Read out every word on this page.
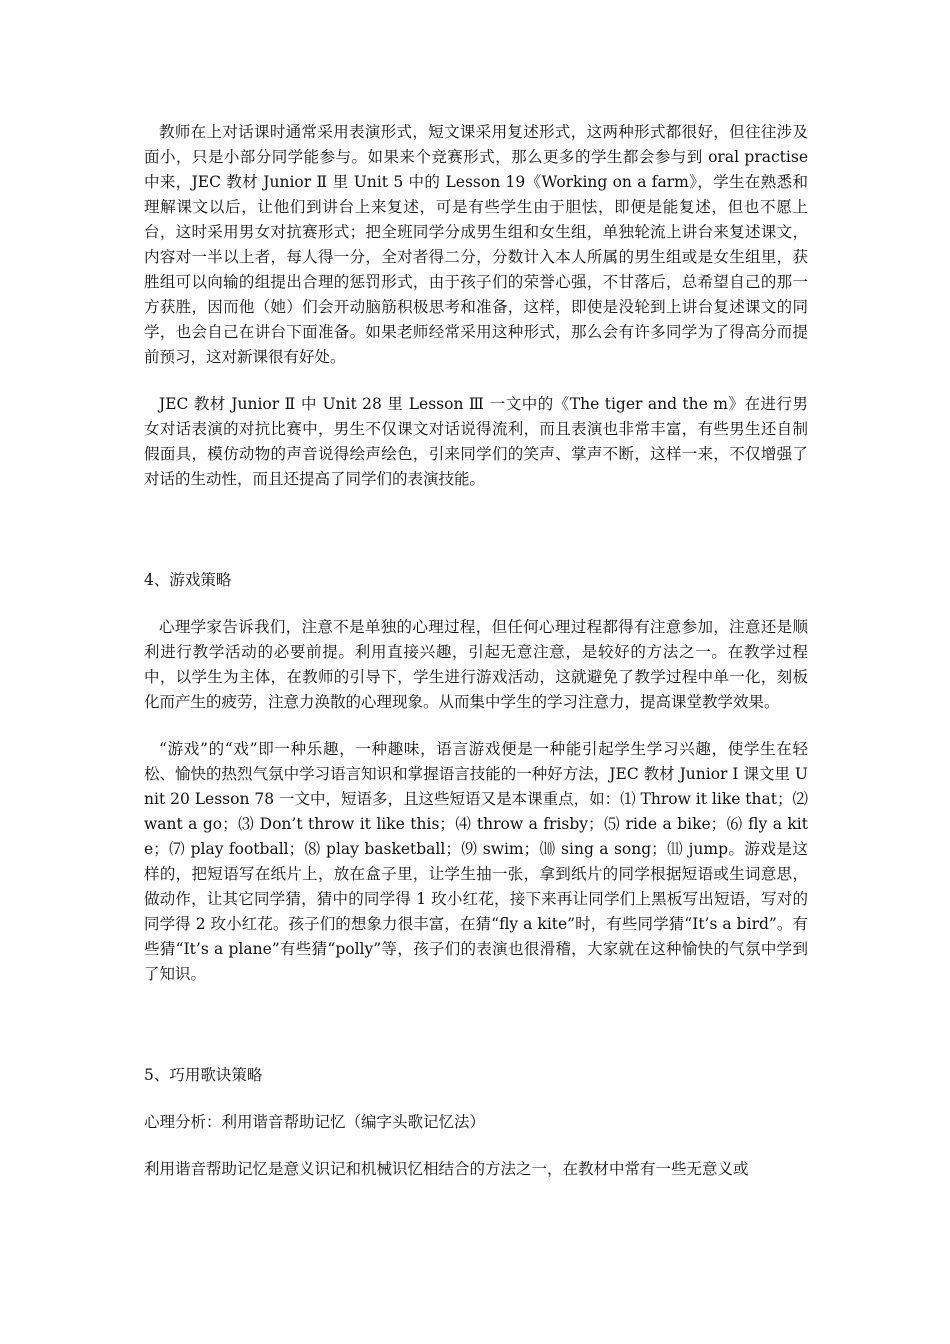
教师在上对话课时通常采用表演形式，短文课采用复述形式，这两种形式都很好，但往往涉及面小，只是小部分同学能参与。如果来个竞赛形式，那么更多的学生都会参与到 oral practise 中来，JEC 教材 Junior Ⅱ 里 Unit 5 中的 Lesson 19《Working on a farm》，学生在熟悉和理解课文以后，让他们到讲台上来复述，可是有些学生由于胆怯，即便是能复述，但也不愿上台，这时采用男女对抗赛形式；把全班同学分成男生组和女生组，单独轮流上讲台来复述课文，内容对一半以上者，每人得一分，全对者得二分，分数计入本人所属的男生组或是女生组里，获胜组可以向输的组提出合理的惩罚形式，由于孩子们的荣誉心强，不甘落后，总希望自己的那一方获胜，因而他（她）们会开动脑筋积极思考和准备，这样，即使是没轮到上讲台复述课文的同学，也会自己在讲台下面准备。如果老师经常采用这种形式，那么会有许多同学为了得高分而提前预习，这对新课很有好处。

JEC 教材 Junior Ⅱ 中 Unit 28 里 Lesson Ⅲ 一文中的《The tiger and the m》在进行男女对话表演的对抗比赛中，男生不仅课文对话说得流利，而且表演也非常丰富，有些男生还自制假面具，模仿动物的声音说得绘声绘色，引来同学们的笑声、掌声不断，这样一来，不仅增强了对话的生动性，而且还提高了同学们的表演技能。

4、游戏策略

心理学家告诉我们，注意不是单独的心理过程，但任何心理过程都得有注意参加，注意还是顺利进行教学活动的必要前提。利用直接兴趣，引起无意注意，是较好的方法之一。在教学过程中，以学生为主体，在教师的引导下，学生进行游戏活动，这就避免了教学过程中单一化，刻板化而产生的疲劳，注意力涣散的心理现象。从而集中学生的学习注意力，提高课堂教学效果。

“游戏”的“戏”即一种乐趣，一种趣味，语言游戏便是一种能引起学生学习兴趣，使学生在轻松、愉快的热烈气氛中学习语言知识和掌握语言技能的一种好方法，JEC 教材 Junior Ⅰ 课文里 Unit 20 Lesson 78 一文中，短语多，且这些短语又是本课重点，如：⑴ Throw it like that；⑵ want a go；⑶ Don’t throw it like this；⑷ throw a frisby；⑸ ride a bike；⑹ fly a kite；⑺ play football；⑻ play basketball；⑼ swim；⑽ sing a song；⑾ jump。游戏是这样的，把短语写在纸片上，放在盒子里，让学生抽一张，拿到纸片的同学根据短语或生词意思，做动作，让其它同学猜，猜中的同学得 1 玫小红花，接下来再让同学们上黑板写出短语，写对的同学得 2 玫小红花。孩子们的想象力很丰富，在猜“fly a kite”时，有些同学猜“It’s a bird”。有些猜“It’s a plane”有些猜“polly”等，孩子们的表演也很滑稽，大家就在这种愉快的气氛中学到了知识。

5、巧用歌诀策略

心理分析：利用谐音帮助记忆（编字头歌记忆法）

利用谐音帮助记忆是意义识记和机械识忆相结合的方法之一，在教材中常有一些无意义或
